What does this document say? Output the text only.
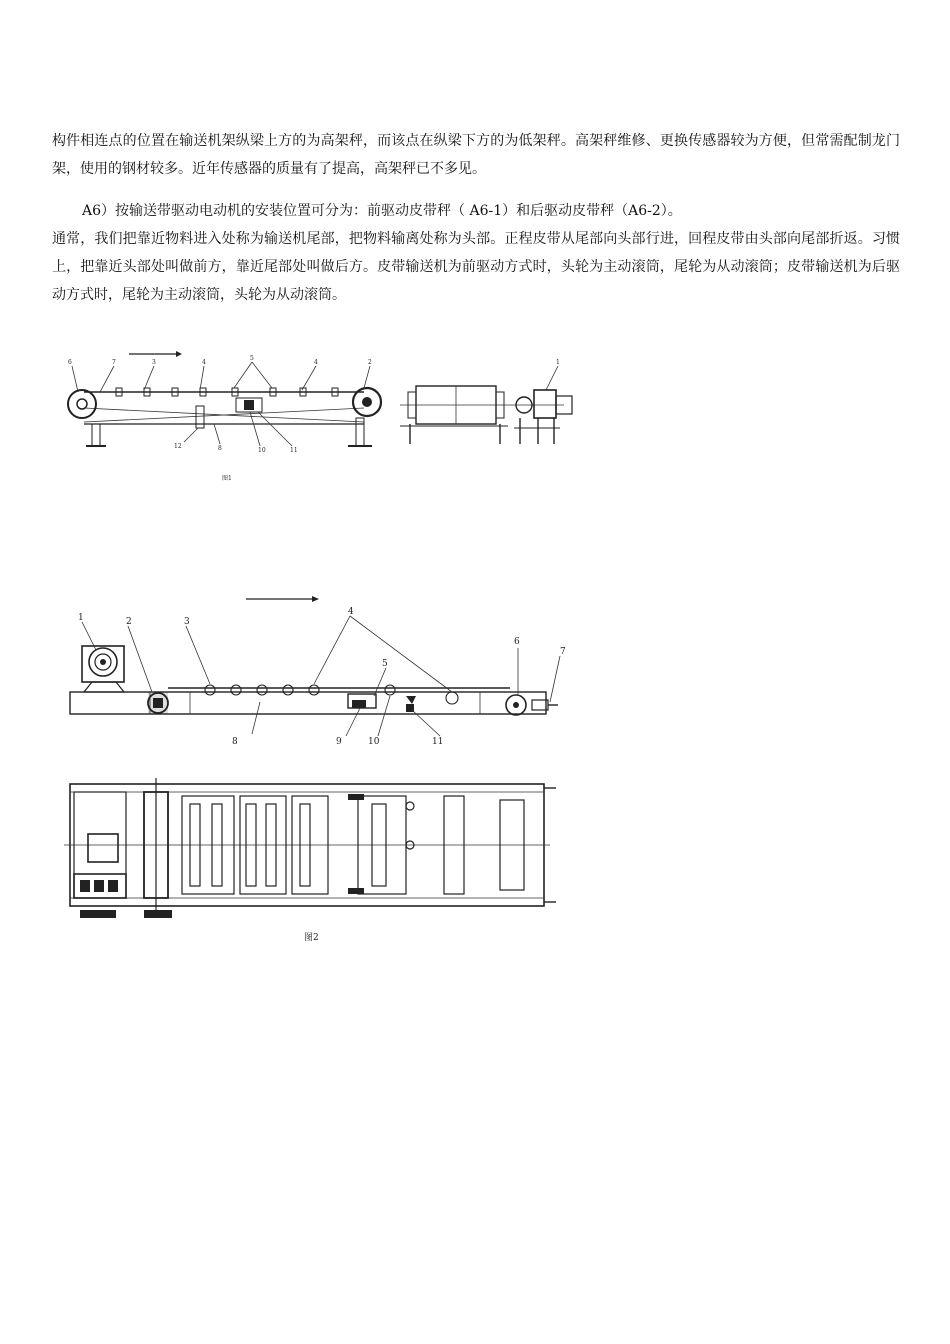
构件相连点的位置在输送机架纵梁上方的为高架秤，而该点在纵梁下方的为低架秤。高架秤维修、更换传感器较为方便，但常需配制龙门架，使用的钢材较多。近年传感器的质量有了提高，高架秤已不多见。

A6）按输送带驱动电动机的安装位置可分为：前驱动皮带秤（ A6-1）和后驱动皮带秤（A6-2）。

通常，我们把靠近物料进入处称为输送机尾部，把物料输离处称为头部。正程皮带从尾部向头部行进，回程皮带由头部向尾部折返。习惯上，把靠近头部处叫做前方，靠近尾部处叫做后方。皮带输送机为前驱动方式时，头轮为主动滚筒，尾轮为从动滚筒；皮带输送机为后驱动方式时，尾轮为主动滚筒，头轮为从动滚筒。

6	7	3	4
5
4	2	1
12	8	10	11
图1
1	2	3
4
5
6
7
8	9	10	11
图2
